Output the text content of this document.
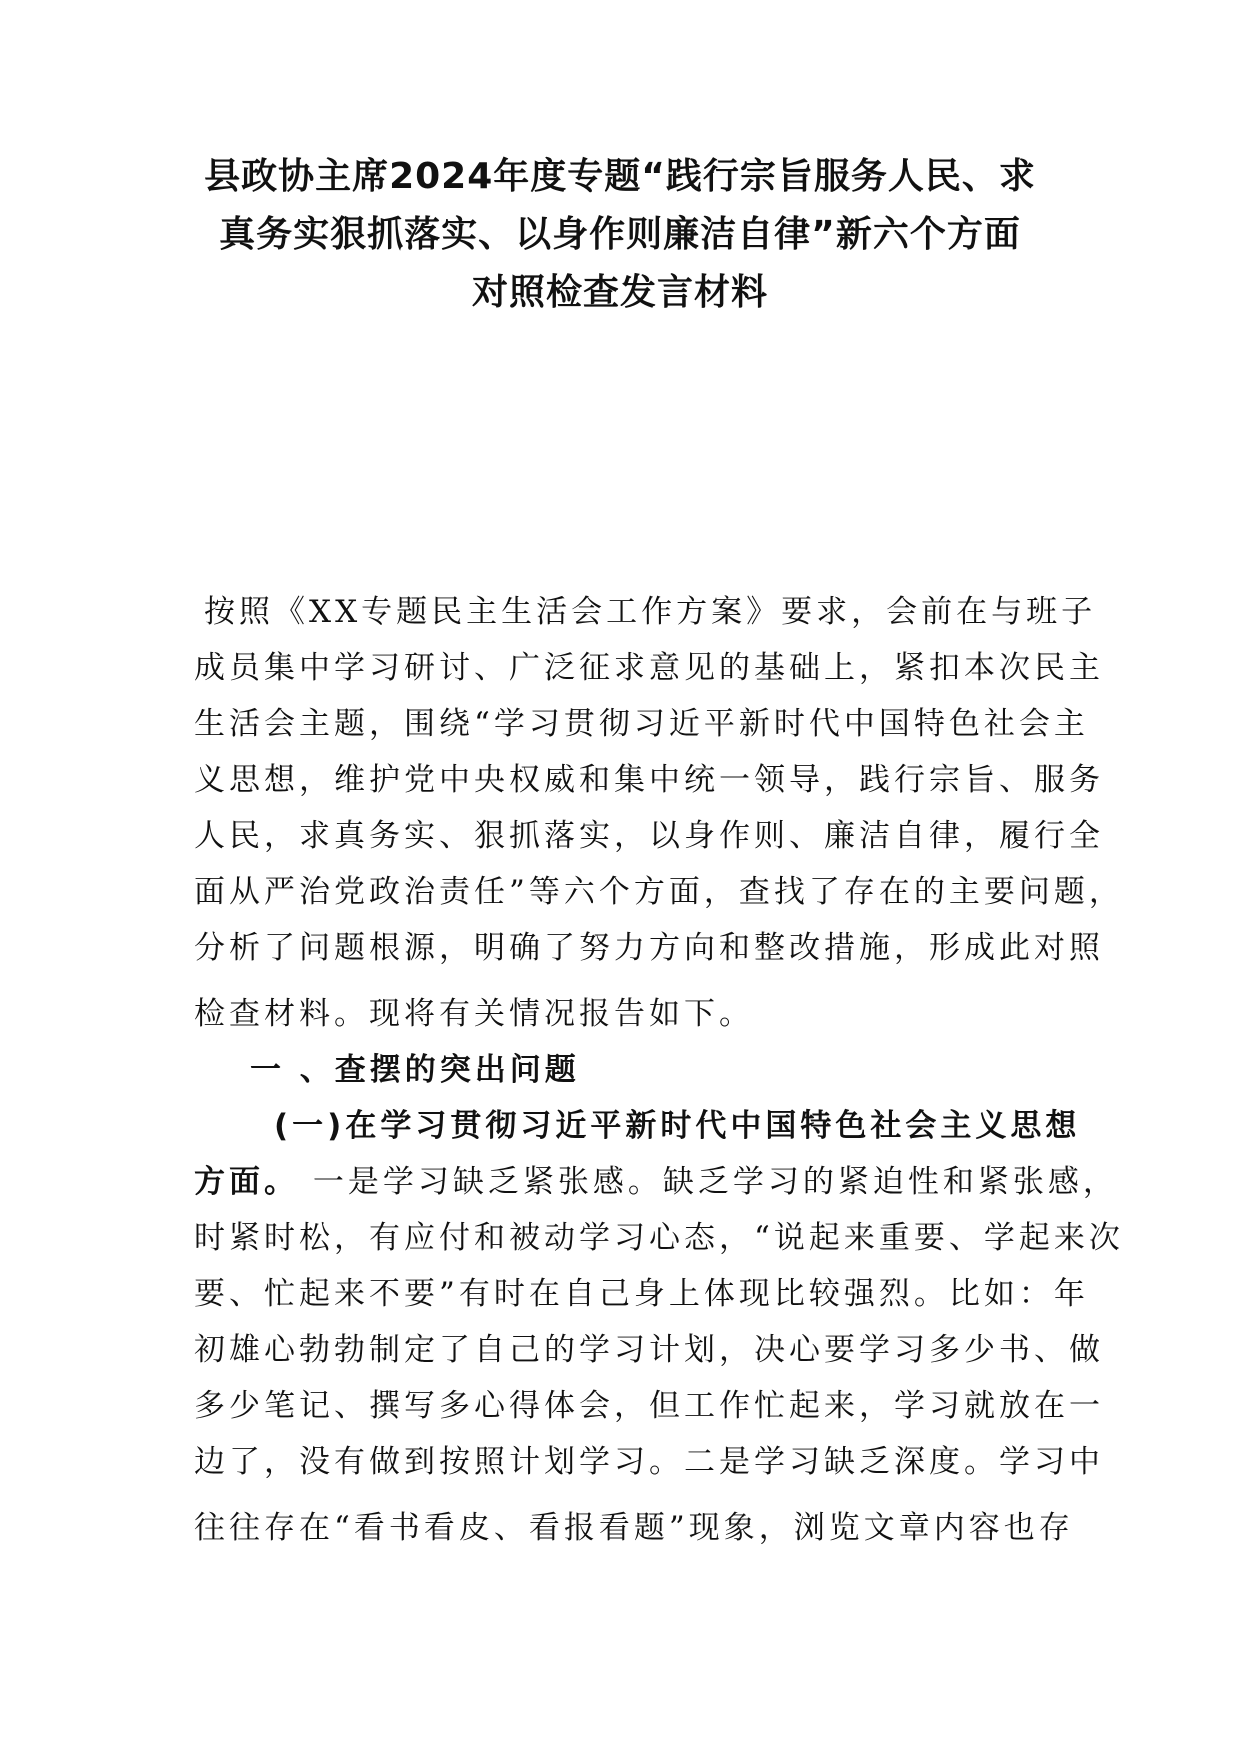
县政协主席2024年度专题“践行宗旨服务人民、求
真务实狠抓落实、以身作则廉洁自律”新六个方面
对照检查发言材料
按照《XX专题民主生活会工作方案》要求，会前在与班子
成员集中学习研讨、广泛征求意见的基础上，紧扣本次民主
生活会主题，围绕“学习贯彻习近平新时代中国特色社会主
义思想，维护党中央权威和集中统一领导，践行宗旨、服务
人民，求真务实、狠抓落实，以身作则、廉洁自律，履行全
面从严治党政治责任”等六个方面，查找了存在的主要问题，
分析了问题根源，明确了努力方向和整改措施，形成此对照
检查材料。现将有关情况报告如下。
一 、查摆的突出问题
(一)在学习贯彻习近平新时代中国特色社会主义思想
方面。 一是学习缺乏紧张感。缺乏学习的紧迫性和紧张感，
时紧时松，有应付和被动学习心态，“说起来重要、学起来次
要、忙起来不要”有时在自己身上体现比较强烈。比如：年
初雄心勃勃制定了自己的学习计划，决心要学习多少书、做
多少笔记、撰写多心得体会，但工作忙起来，学习就放在一
边了，没有做到按照计划学习。二是学习缺乏深度。学习中
往往存在“看书看皮、看报看题”现象，浏览文章内容也存
